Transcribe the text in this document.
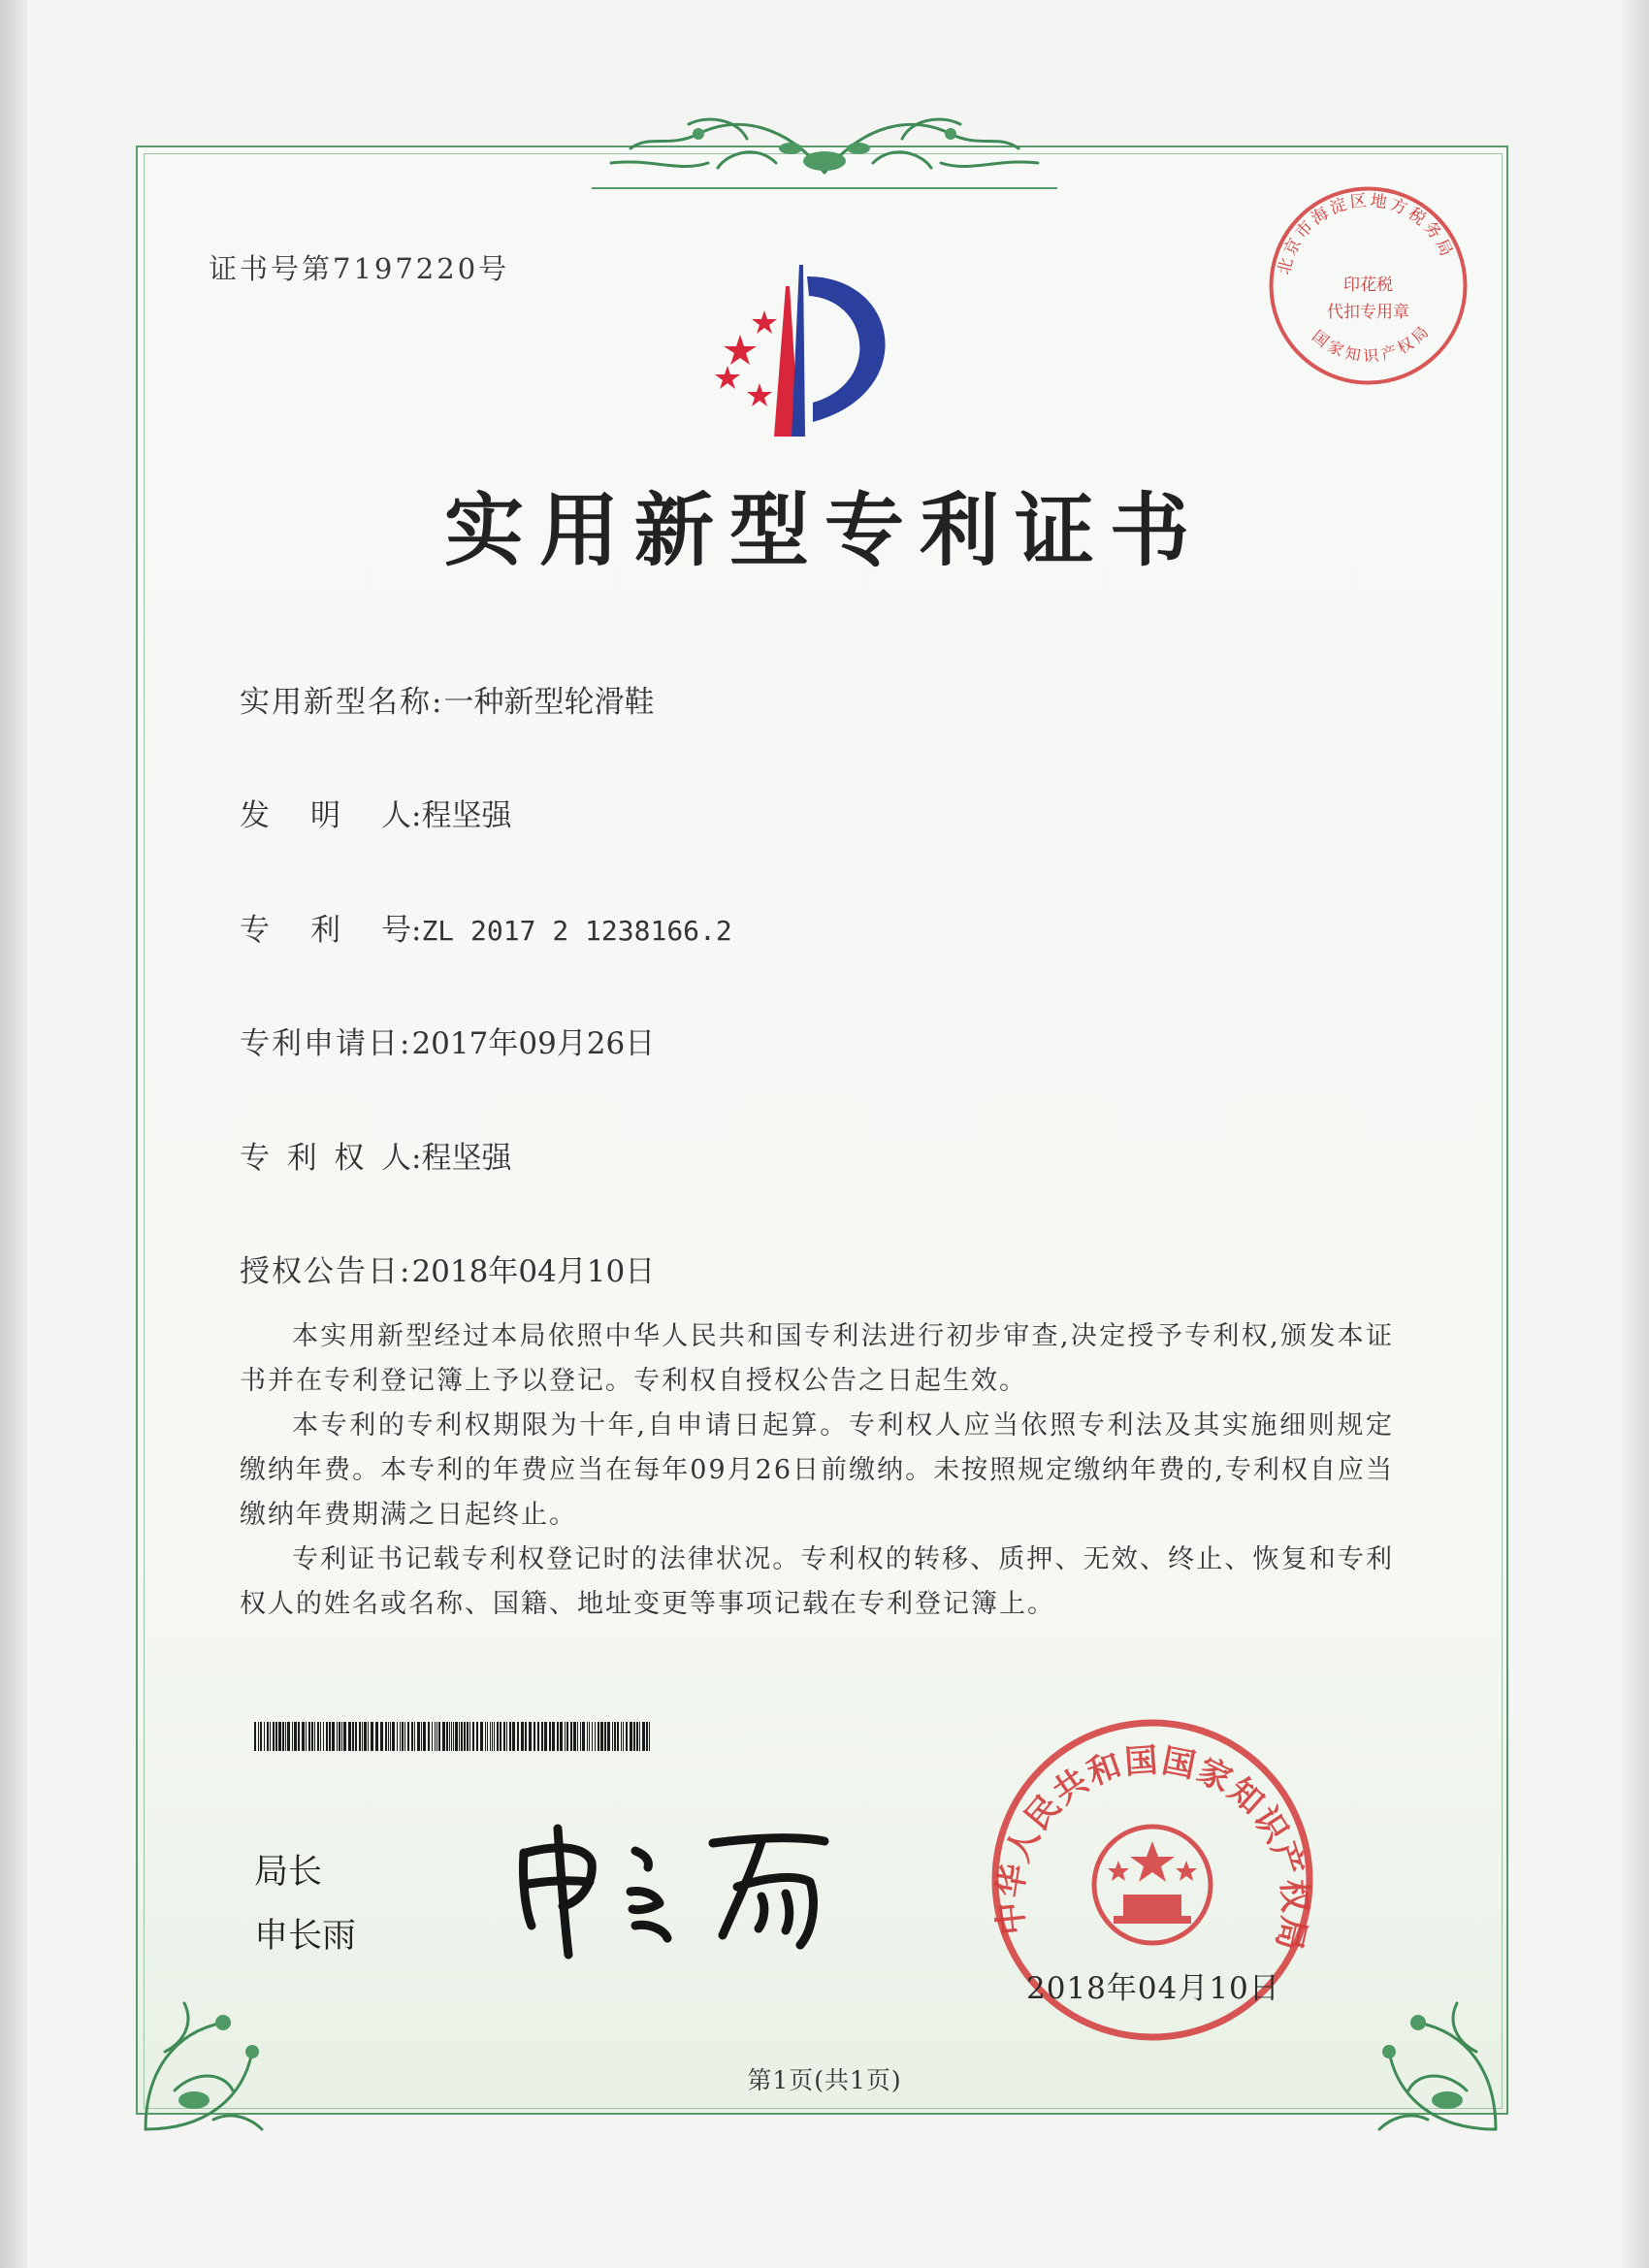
北京市海淀区地方税务局
国家知识产权局
印花税
代扣专用章
证书号第7197220号
实用新型专利证书
实用新型名称:一种新型轮滑鞋
发 明 人 :程坚强
专 利 号 :ZL 2017 2 1238166.2
专利申请日:2017年09月26日
专 利 权 人 :程坚强
授权公告日:2018年04月10日

本实用新型经过本局依照中华人民共和国专利法进行初步审查,决定授予专利权,颁发本证书并在专利登记簿上予以登记。专利权自授权公告之日起生效。

本专利的专利权期限为十年,自申请日起算。专利权人应当依照专利法及其实施细则规定缴纳年费。本专利的年费应当在每年09月26日前缴纳。未按照规定缴纳年费的,专利权自应当缴纳年费期满之日起终止。

专利证书记载专利权登记时的法律状况。专利权的转移、质押、无效、终止、恢复和专利权人的姓名或名称、国籍、地址变更等事项记载在专利登记簿上。

局长
申长雨	中华人民共和国国家知识产权局
2018年04月10日
第1页(共1页)
